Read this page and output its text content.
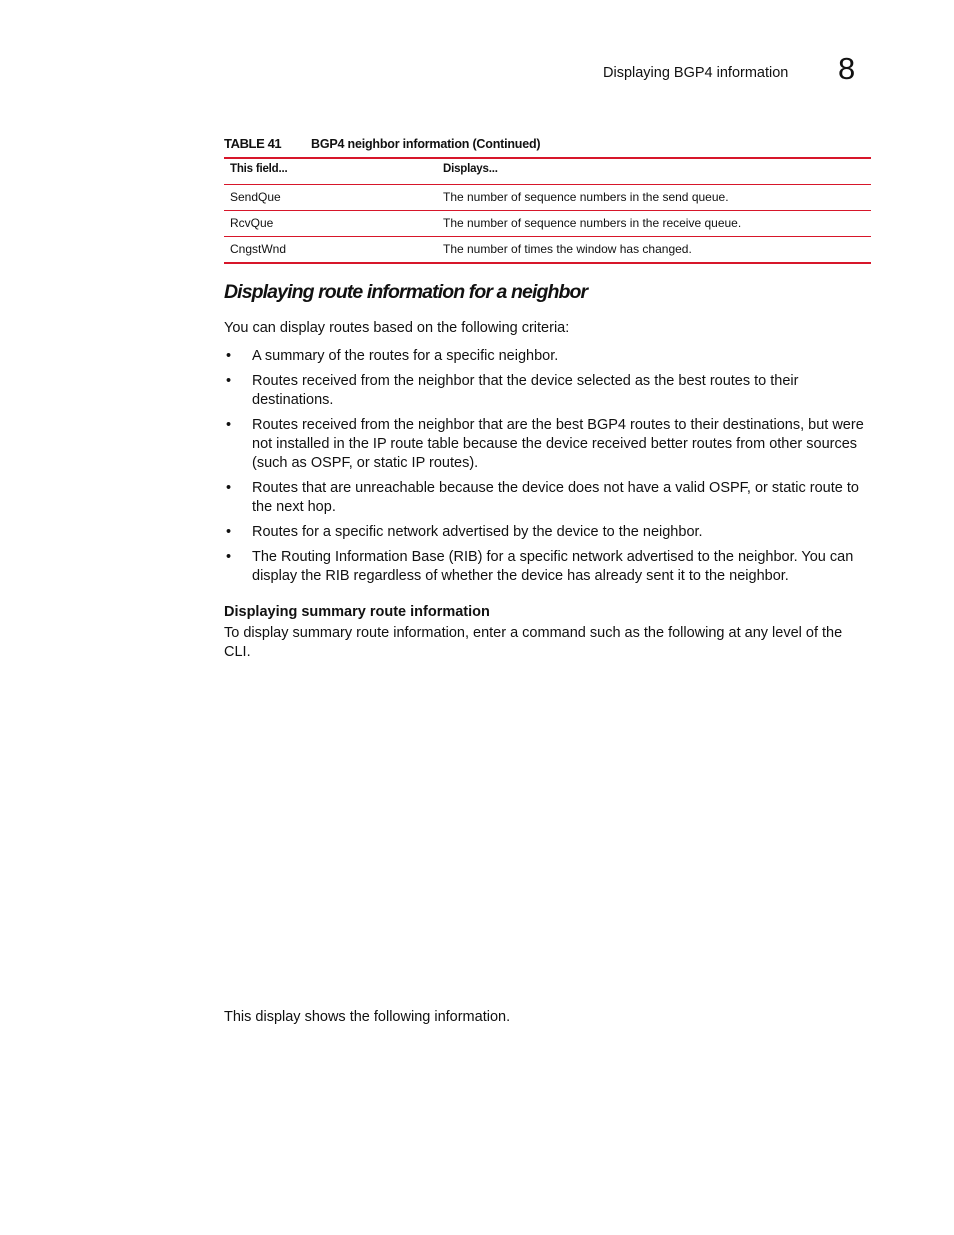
Displaying BGP4 information 8
TABLE 41 BGP4 neighbor information (Continued)
This field...	Displays...
SendQue	The number of sequence numbers in the send queue.
RcvQue	The number of sequence numbers in the receive queue.
CngstWnd	The number of times the window has changed.
Displaying route information for a neighbor

You can display routes based on the following criteria:

• A summary of the routes for a specific neighbor.
• Routes received from the neighbor that the device selected as the best routes to their destinations.
• Routes received from the neighbor that are the best BGP4 routes to their destinations, but were not installed in the IP route table because the device received better routes from other sources (such as OSPF, or static IP routes).
• Routes that are unreachable because the device does not have a valid OSPF, or static route to the next hop.
• Routes for a specific network advertised by the device to the neighbor.
• The Routing Information Base (RIB) for a specific network advertised to the neighbor. You can display the RIB regardless of whether the device has already sent it to the neighbor.
Displaying summary route information

To display summary route information, enter a command such as the following at any level of the CLI.

This display shows the following information.
